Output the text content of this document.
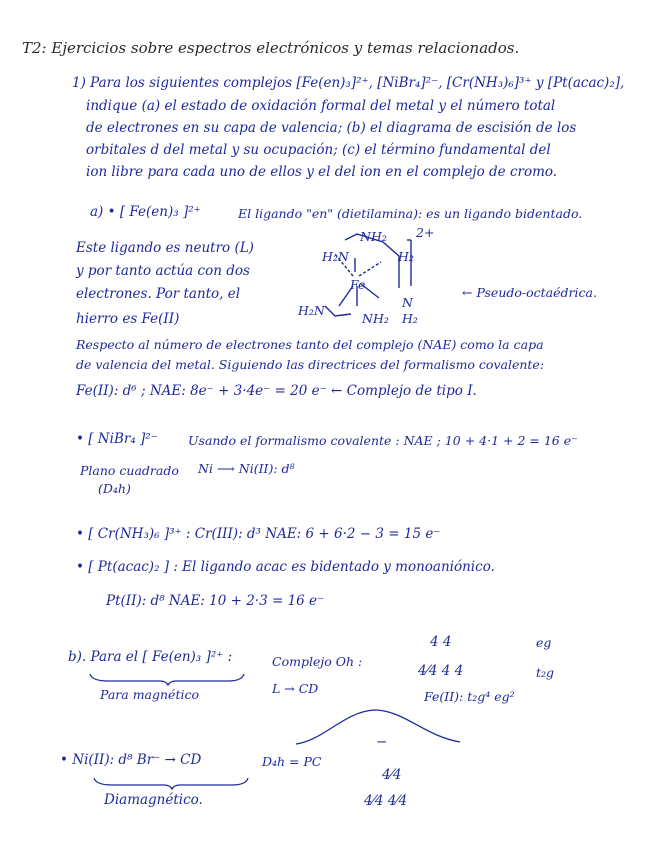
T2: Ejercicios sobre espectros electrónicos y temas relacionados.
1) Para los siguientes complejos [Fe(en)₃]²⁺, [NiBr₄]²⁻, [Cr(NH₃)₆]³⁺ y [Pt(acac)₂],
indique (a) el estado de oxidación formal del metal y el número total
de electrones en su capa de valencia; (b) el diagrama de escisión de los
orbitales d del metal y su ocupación; (c) el término fundamental del
ion libre para cada uno de ellos y el del ion en el complejo de cromo.
a) • [ Fe(en)₃ ]²⁺	El ligando "en" (dietilamina): es un ligando bidentado.
Este ligando es neutro (L)
y por tanto actúa con dos
electrones. Por tanto, el
hierro es Fe(II)
NH₂
H₂N	H₂
Fe
NH₂
H₂N
N
H₂
2+
← Pseudo-octaédrica.
Respecto al número de electrones tanto del complejo (NAE) como la capa
de valencia del metal. Siguiendo las directrices del formalismo covalente:
Fe(II): d⁶ ; NAE: 8e⁻ + 3·4e⁻ = 20 e⁻ ← Complejo de tipo I.
• [ NiBr₄ ]²⁻ Usando el formalismo covalente : NAE ; 10 + 4·1 + 2 = 16 e⁻
Plano cuadrado
(D₄h)
Ni ⟶ Ni(II): d⁸
• [ Cr(NH₃)₆ ]³⁺ : Cr(III): d³ NAE: 6 + 6·2 − 3 = 15 e⁻
• [ Pt(acac)₂ ] : El ligando acac es bidentado y monoaniónico.
Pt(II): d⁸ NAE: 10 + 2·3 = 16 e⁻
b). Para el [ Fe(en)₃ ]²⁺ :
Para magnético
Complejo Oh :
L → CD
4 4	eg
4⁄4 4 4	t₂g
Fe(II): t₂g⁴ eg²
• Ni(II): d⁸ Br⁻ → CD	D₄h = PC
−
4⁄4
4⁄4 4⁄4
Diamagnético.
